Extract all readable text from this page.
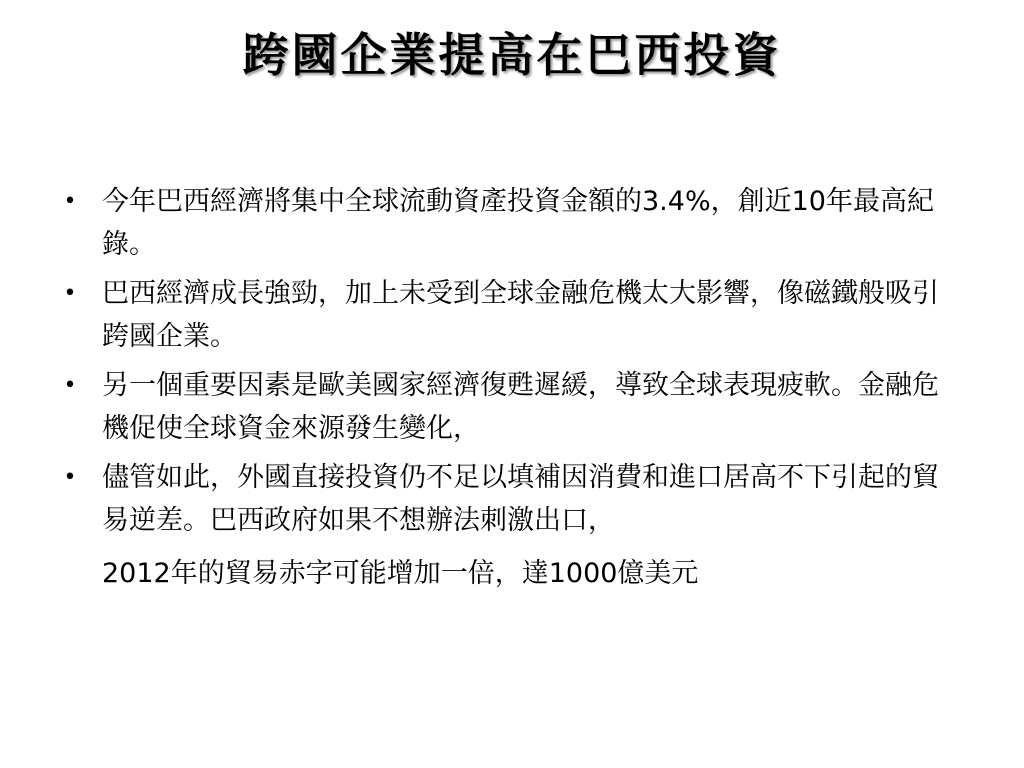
跨國企業提高在巴西投資
• 今年巴西經濟將集中全球流動資產投資金額的3.4%，創近10年最高紀錄。
• 巴西經濟成長強勁，加上未受到全球金融危機太大影響，像磁鐵般吸引跨國企業。
• 另一個重要因素是歐美國家經濟復甦遲緩，導致全球表現疲軟。金融危機促使全球資金來源發生變化，
• 儘管如此，外國直接投資仍不足以填補因消費和進口居高不下引起的貿易逆差。巴西政府如果不想辦法刺激出口，
2012年的貿易赤字可能增加一倍，達1000億美元
